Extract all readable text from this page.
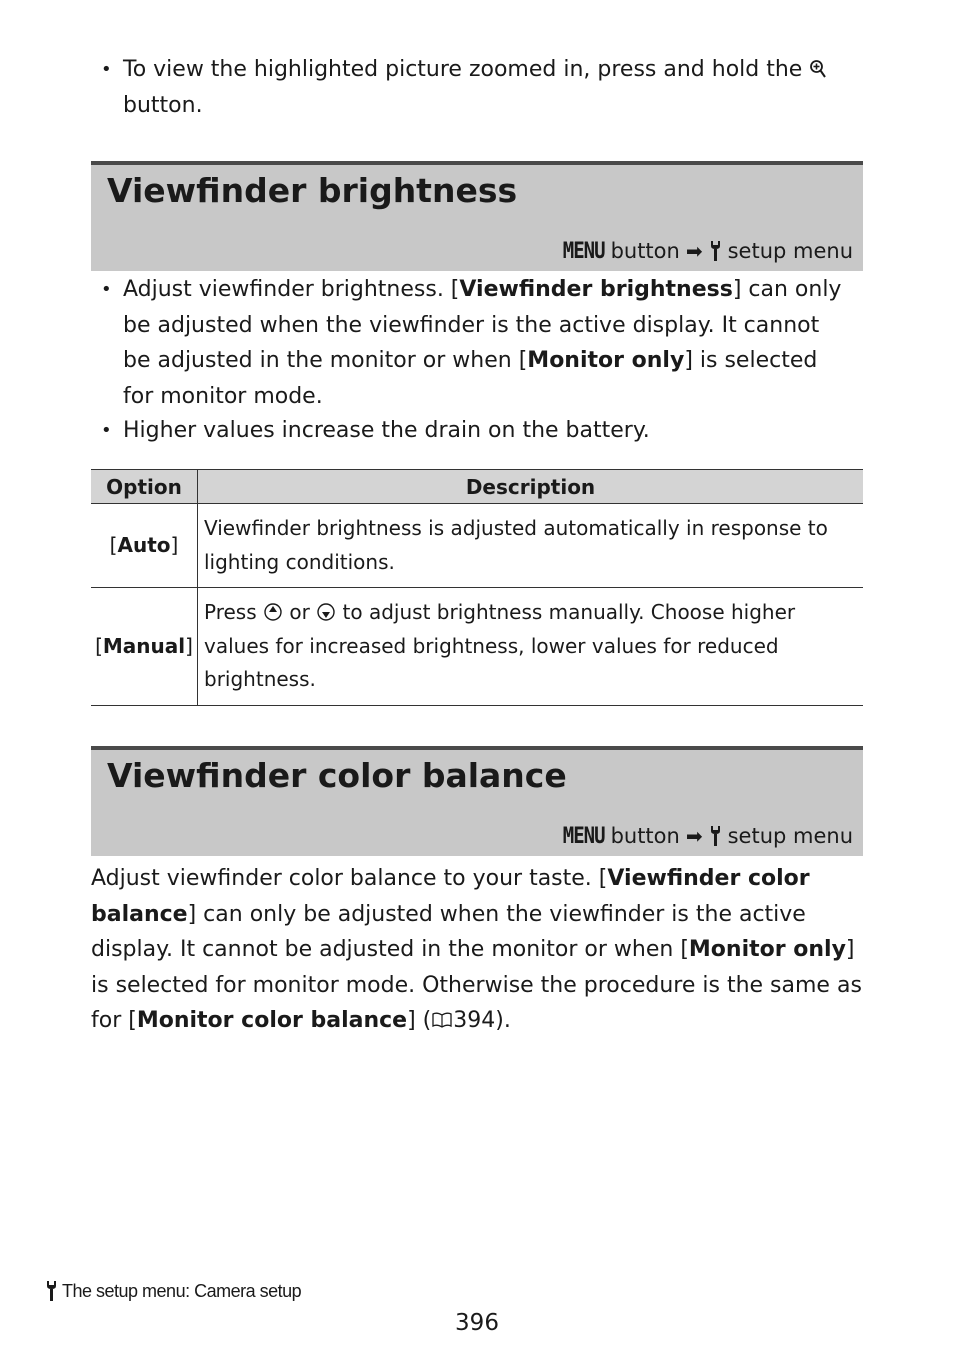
• To view the highlighted picture zoomed in, press and hold the
button.
Viewfinder brightness
MENU button ➡ setup menu
• Adjust viewfinder brightness. [Viewfinder brightness] can only be adjusted when the viewfinder is the active display. It cannot be adjusted in the monitor or when [Monitor only] is selected for monitor mode.
• Higher values increase the drain on the battery.
Option	Description
[Auto]	Viewfinder brightness is adjusted automatically in response to lighting conditions.
[Manual]	Press or to adjust brightness manually. Choose higher values for increased brightness, lower values for reduced brightness.
Viewfinder color balance
MENU button ➡ setup menu
Adjust viewfinder color balance to your taste. [Viewfinder color balance] can only be adjusted when the viewfinder is the active display. It cannot be adjusted in the monitor or when [Monitor only] is selected for monitor mode. Otherwise the procedure is the same as for [Monitor color balance] ( 394).
The setup menu: Camera setup
396
